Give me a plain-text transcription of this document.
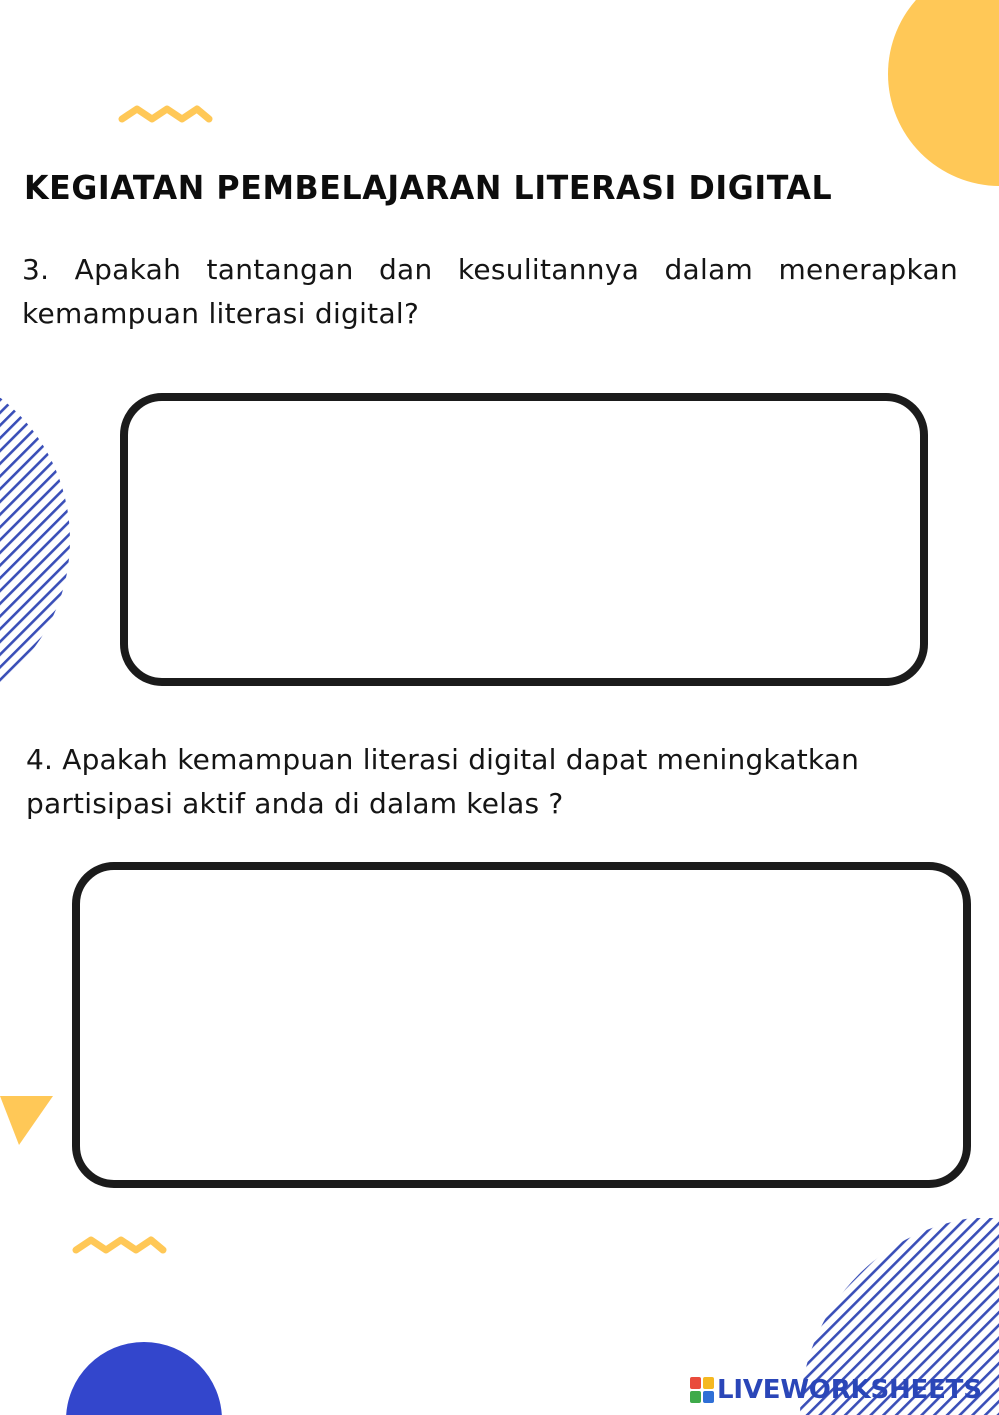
KEGIATAN PEMBELAJARAN LITERASI DIGITAL

3. Apakah tantangan dan kesulitannya dalam menerapkan kemampuan literasi digital?

4. Apakah kemampuan literasi digital dapat meningkatkan partisipasi aktif anda di dalam kelas ?

LIVEWORKSHEETS
